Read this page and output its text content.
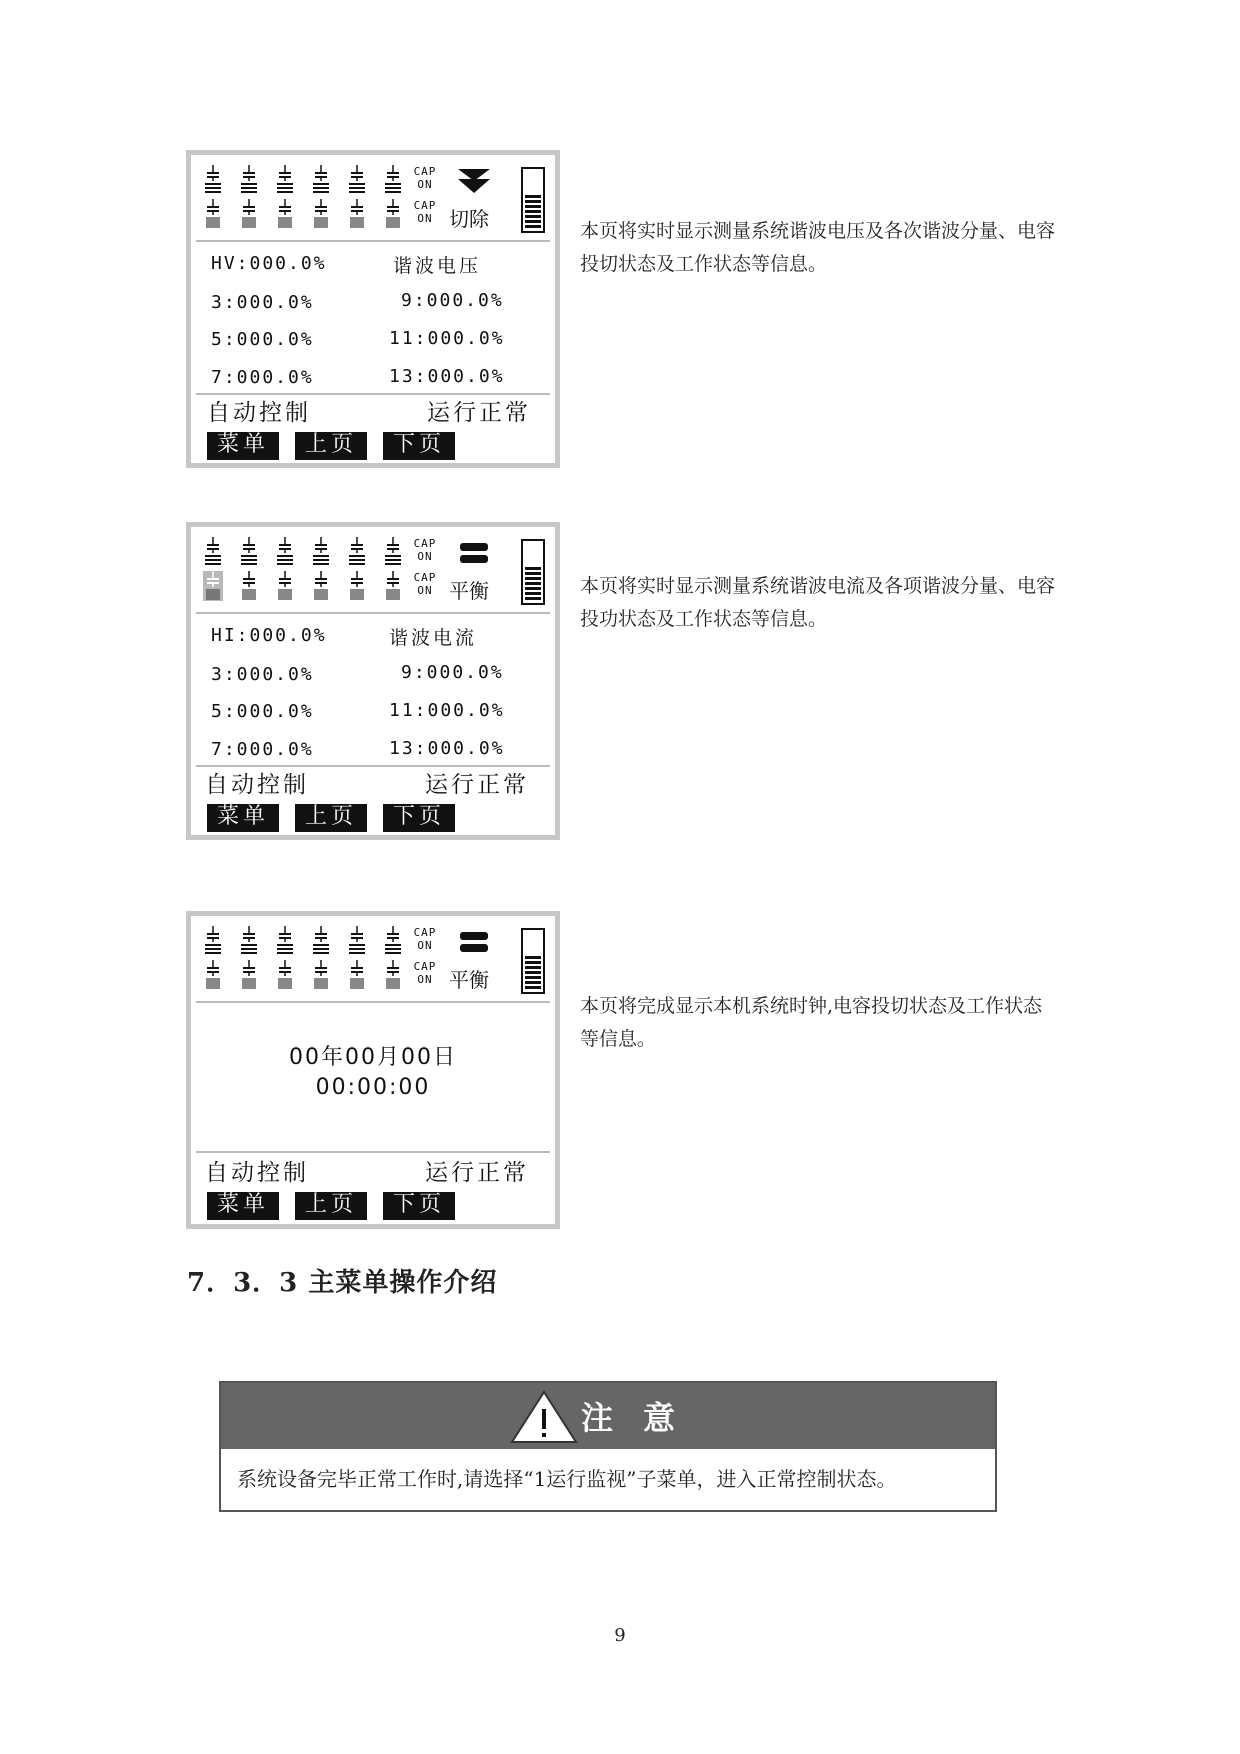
CAP
ON
CAP
ON 切除
HV:000.0%	谐波电压
3:000.0%	9:000.0%
5:000.0%	11:000.0%
7:000.0%	13:000.0%
自动控制	运行正常
菜单	上页	下页
本页将实时显示测量系统谐波电压及各次谐波分量、电容投切状态及工作状态等信息。
CAP
ON
CAP
ON 平衡
HI:000.0%	谐波电流
3:000.0%	9:000.0%
5:000.0%	11:000.0%
7:000.0%	13:000.0%
自动控制	运行正常
菜单	上页	下页
本页将实时显示测量系统谐波电流及各项谐波分量、电容投功状态及工作状态等信息。
CAP
ON
CAP
ON 平衡
00年00月00日
00:00:00
自动控制	运行正常
菜单	上页	下页
本页将完成显示本机系统时钟,电容投切状态及工作状态等信息。
7．3．3 主菜单操作介绍
注意
系统设备完毕正常工作时,请选择“1运行监视”子菜单，进入正常控制状态。
9
